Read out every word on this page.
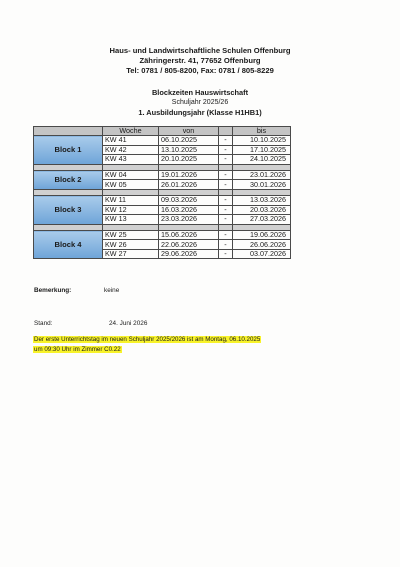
Haus- und Landwirtschaftliche Schulen Offenburg
Zähringerstr. 41, 77652 Offenburg
Tel: 0781 / 805-8200, Fax: 0781 / 805-8229
Blockzeiten Hauswirtschaft
Schuljahr 2025/26
1. Ausbildungsjahr (Klasse H1HB1)
	Woche	von		bis
Block 1	KW 41	06.10.2025	-	10.10.2025
	KW 42	13.10.2025	-	17.10.2025
	KW 43	20.10.2025	-	24.10.2025

Block 2	KW 04	19.01.2026	-	23.01.2026
	KW 05	26.01.2026	-	30.01.2026

Block 3	KW 11	09.03.2026	-	13.03.2026
	KW 12	16.03.2026	-	20.03.2026
	KW 13	23.03.2026	-	27.03.2026

Block 4	KW 25	15.06.2026	-	19.06.2026
	KW 26	22.06.2026	-	26.06.2026
	KW 27	29.06.2026	-	03.07.2026
Bemerkung:	keine
Stand:	24. Juni 2026
Der erste Unterrichtstag im neuen Schuljahr 2025/2026 ist am Montag, 06.10.2025
um 09:30 Uhr im Zimmer C0.22
